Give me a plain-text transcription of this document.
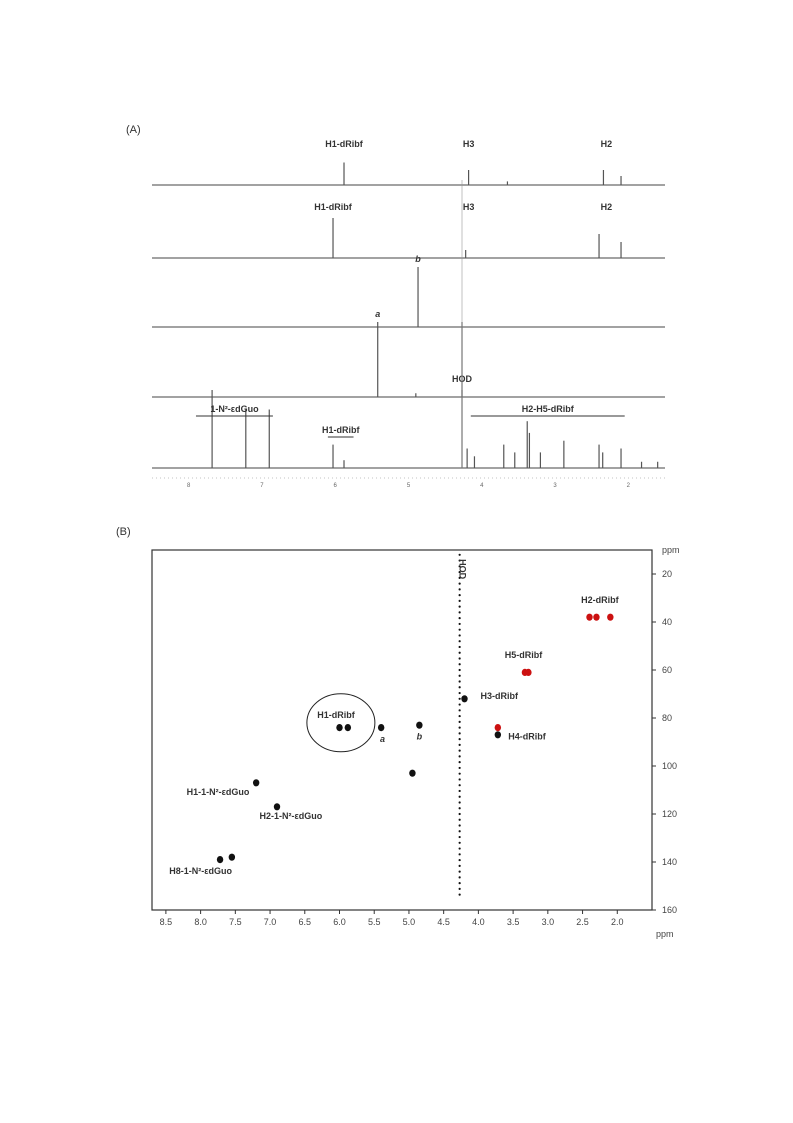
(A)
(B)
H1-dRibf	H3	H2
H1-dRibf	H3	H2
b
a
HOD
1-N²-εdGuo
H1-dRibf
H2-H5-dRibf
8	7	6	5	4	3	2
8.5 8.0 7.5 7.0 6.5 6.0 5.5 5.0 4.5 4.0 3.5 3.0 2.5 2.0
ppm
20
40
60
80
100
120
140
160
ppm
HOD
H2-dRibf
H5-dRibf
H3-dRibf
H1-dRibf
a	b	H4-dRibf
H1-1-N²-εdGuo
H2-1-N²-εdGuo
H8-1-N²-εdGuo
